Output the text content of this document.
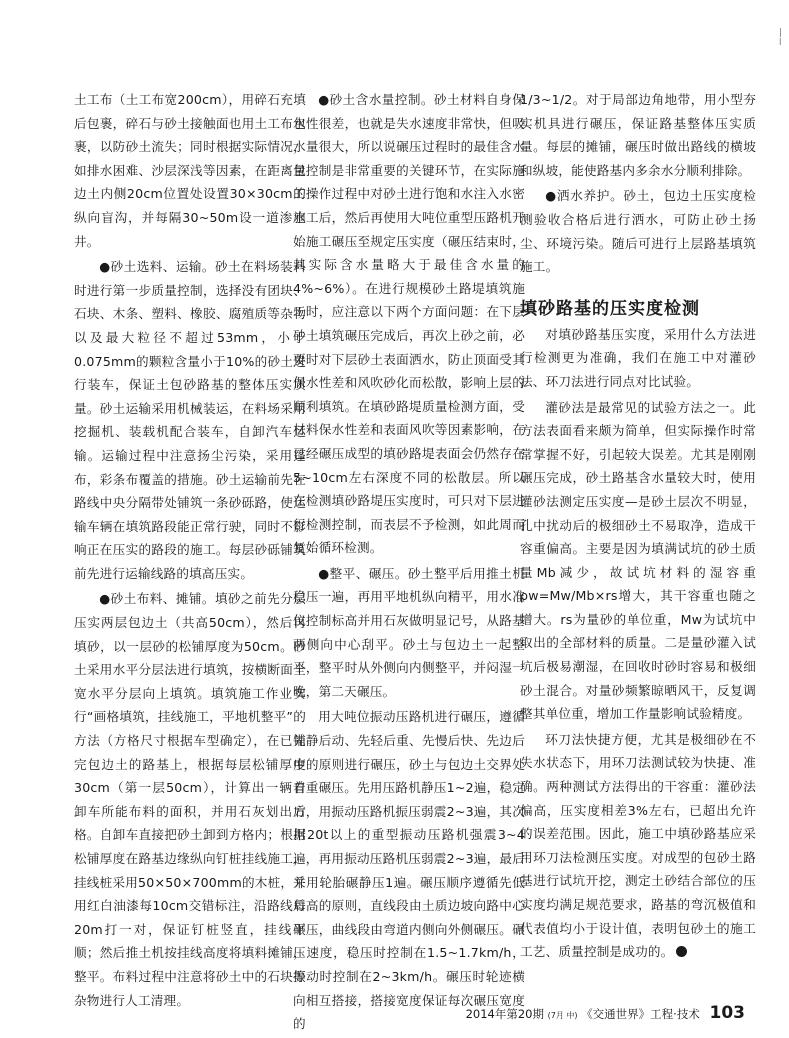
|
l

土工布（土工布宽200cm），用碎石充填后包裹，碎石与砂土接触面也用土工布包裹，以防砂土流失；同时根据实际情况，如排水困难、沙层深浅等因素，在距离包边土内侧20cm位置处设置30×30cm的纵向盲沟，并每隔30~50m设一道渗水井。

●砂土选料、运输。砂土在料场装料时进行第一步质量控制，选择没有团块、石块、木条、塑料、橡胶、腐殖质等杂物以及最大粒径不超过53mm，小于0.075mm的颗粒含量小于10%的砂土进行装车，保证土包砂路基的整体压实质量。砂土运输采用机械装运，在料场采用挖掘机、装载机配合装车，自卸汽车运输。运输过程中注意扬尘污染，采用篷布，彩条布覆盖的措施。砂土运输前先在路线中央分隔带处铺筑一条砂砾路，使运输车辆在填筑路段能正常行驶，同时不影响正在压实的路段的施工。每层砂砾铺筑前先进行运输线路的填高压实。

●砂土布料、摊铺。填砂之前先分层压实两层包边土（共高50cm），然后再填砂，以一层砂的松铺厚度为50cm。砂土采用水平分层法进行填筑，按横断面全宽水平分层向上填筑。填筑施工作业实行“画格填筑，挂线施工，平地机整平”的方法（方格尺寸根据车型确定），在已铺完包边土的路基上，根据每层松铺厚度30cm（第一层50cm），计算出一辆自卸车所能布料的面积，并用石灰划出方格。自卸车直接把砂土卸到方格内；根据松铺厚度在路基边缘纵向钉桩挂线施工，挂线桩采用50×50×700mm的木桩，并用红白油漆每10cm交错标注，沿路线每20m打一对，保证钉桩竖直，挂线平顺；然后推土机按挂线高度将填料摊铺，整平。布料过程中注意将砂土中的石块等杂物进行人工清理。

●砂土含水量控制。砂土材料自身保水性很差，也就是失水速度非常快，但吸水量很大，所以说碾压过程时的最佳含水量控制是非常重要的关键环节，在实际施工操作过程中对砂土进行饱和水注入水密施工后，然后再使用大吨位重型压路机开始施工碾压至规定压实度（碾压结束时，其实际含水量略大于最佳含水量的4%~6%）。在进行规模砂土路堤填筑施工时，应注意以下两个方面问题：在下层砂土填筑碾压完成后，再次上砂之前，必要时对下层砂土表面洒水，防止顶面受其保水性差和风吹砂化而松散，影响上层的顺利填筑。在填砂路堤质量检测方面，受材料保水性差和表面风吹等因素影响，在已经碾压成型的填砂路堤表面会仍然存在5~10cm左右深度不同的松散层。所以在检测填砂路堤压实度时，可只对下层进行检测控制，而表层不予检测，如此周而复始循环检测。

●整平、碾压。砂土整平后用推土机稳压一遍，再用平地机纵向精平，用水准仪控制标高并用石灰做明显记号，从路基两侧向中心刮平。砂土与包边土一起整平，整平时从外侧向内侧整平，并闷湿一晚，第二天碾压。

用大吨位振动压路机进行碾压，遵循先静后动、先轻后重、先慢后快、先边后中的原则进行碾压，砂土与包边土交界处着重碾压。先用压路机静压1~2遍，稳定后，用振动压路机振压弱震2~3遍，其次用20t以上的重型振动压路机强震3~4遍，再用振动压路机压弱震2~3遍，最后采用轮胎碾静压1遍。碾压顺序遵循先低后高的原则，直线段由土质边坡向路中心碾压，曲线段由弯道内侧向外侧碾压。碾压速度，稳压时控制在1.5~1.7km/h，振动时控制在2~3km/h。碾压时轮迹横向相互搭接，搭接宽度保证每次碾压宽度的

1/3~1/2。对于局部边角地带，用小型夯实机具进行碾压，保证路基整体压实质量。每层的摊铺，碾压时做出路线的横坡和纵坡，能使路基内多余水分顺利排除。

●洒水养护。砂土，包边土压实度检测验收合格后进行洒水，可防止砂土扬尘、环境污染。随后可进行上层路基填筑施工。

填砂路基的压实度检测

对填砂路基压实度，采用什么方法进行检测更为准确，我们在施工中对灌砂法、环刀法进行同点对比试验。

灌砂法是最常见的试验方法之一。此方法表面看来颇为简单，但实际操作时常常掌握不好，引起较大误差。尤其是刚刚碾压完成，砂土路基含水量较大时，使用灌砂法测定压实度—是砂土层次不明显，孔中扰动后的极细砂土不易取净，造成干容重偏高。主要是因为填满试坑的砂土质量Mb减少，故试坑材料的湿容重ρw=Mw/Mb×rs增大，其干容重也随之增大。rs为量砂的单位重，Mw为试坑中取出的全部材料的质量。二是量砂灌入试坑后极易潮湿，在回收时砂时容易和极细砂土混合。对量砂频繁晾晒风干，反复调整其单位重，增加工作量影响试验精度。

环刀法快捷方便，尤其是极细砂在不失水状态下，用环刀法测试较为快捷、准确。两种测试方法得出的干容重：灌砂法偏高，压实度相差3%左右，已超出允许的误差范围。因此，施工中填砂路基应采用环刀法检测压实度。对成型的包砂土路基进行试坑开挖，测定土砂结合部位的压实度均满足规范要求，路基的弯沉极值和代表值均小于设计值，表明包砂土的施工工艺、质量控制是成功的。

2014年第20期 (7月 中) 《交通世界》工程·技术 103
